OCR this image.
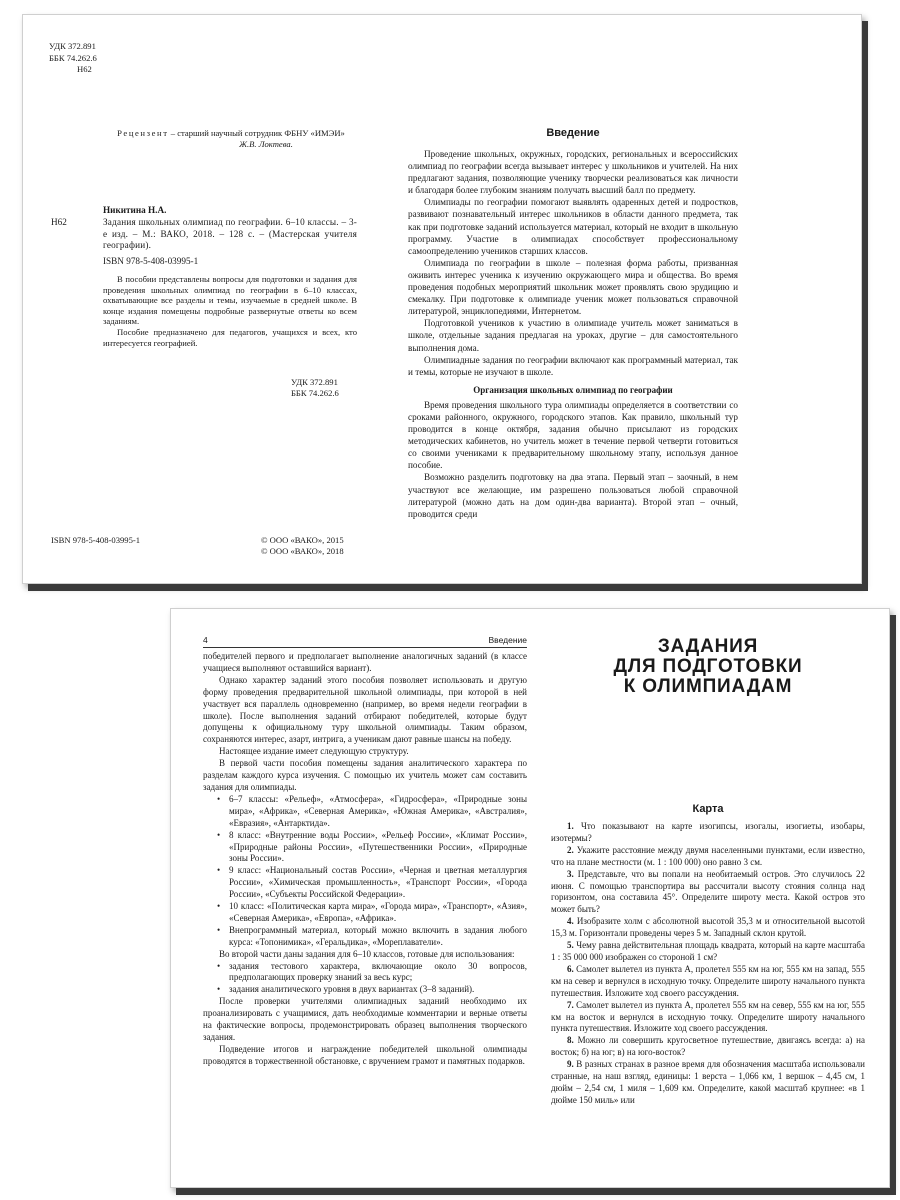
УДК 372.891
ББК 74.262.6
Н62
Рецензент – старший научный сотрудник ФБНУ «ИМЭИ»
Ж.В. Локтева.
Никитина Н.А.
Н62	Задания школьных олимпиад по географии. 6–10 классы. – 3-е изд. – М.: ВАКО, 2018. – 128 с. – (Мастерская учителя географии).

ISBN 978-5-408-03995-1

В пособии представлены вопросы для подготовки и задания для проведения школьных олимпиад по географии в 6–10 классах, охватывающие все разделы и темы, изучаемые в средней школе. В конце издания помещены подробные развернутые ответы ко всем заданиям.

Пособие предназначено для педагогов, учащихся и всех, кто интересуется географией.

УДК 372.891
ББК 74.262.6
ISBN 978-5-408-03995-1	© ООО «ВАКО», 2015
© ООО «ВАКО», 2018
Введение

Проведение школьных, окружных, городских, региональных и всероссийских олимпиад по географии всегда вызывает интерес у школьников и учителей. На них предлагают задания, позволяющие ученику творчески реализоваться как личности и благодаря более глубоким знаниям получать высший балл по предмету.

Олимпиады по географии помогают выявлять одаренных детей и подростков, развивают познавательный интерес школьников в области данного предмета, так как при подготовке заданий используется материал, который не входит в школьную программу. Участие в олимпиадах способствует профессиональному самоопределению учеников старших классов.

Олимпиада по географии в школе – полезная форма работы, призванная оживить интерес ученика к изучению окружающего мира и общества. Во время проведения подобных мероприятий школьник может проявлять свою эрудицию и смекалку. При подготовке к олимпиаде ученик может пользоваться справочной литературой, энциклопедиями, Интернетом.

Подготовкой учеников к участию в олимпиаде учитель может заниматься в школе, отдельные задания предлагая на уроках, другие – для самостоятельного выполнения дома.

Олимпиадные задания по географии включают как программный материал, так и темы, которые не изучают в школе.

Организация школьных олимпиад по географии

Время проведения школьного тура олимпиады определяется в соответствии со сроками районного, окружного, городского этапов. Как правило, школьный тур проводится в конце октября, задания обычно присылают из городских методических кабинетов, но учитель может в течение первой четверти готовиться со своими учениками к предварительному школьному этапу, используя данное пособие.

Возможно разделить подготовку на два этапа. Первый этап – заочный, в нем участвуют все желающие, им разрешено пользоваться любой справочной литературой (можно дать на дом один-два варианта). Второй этап – очный, проводится среди

4	Введение

победителей первого и предполагает выполнение аналогичных заданий (в классе учащиеся выполняют оставшийся вариант).

Однако характер заданий этого пособия позволяет использовать и другую форму проведения предварительной школьной олимпиады, при которой в ней участвует вся параллель одновременно (например, во время недели географии в школе). После выполнения заданий отбирают победителей, которые будут допущены к официальному туру школьной олимпиады. Таким образом, сохраняются интерес, азарт, интрига, а ученикам дают равные шансы на победу.

Настоящее издание имеет следующую структуру.

В первой части пособия помещены задания аналитического характера по разделам каждого курса изучения. С помощью их учитель может сам составить задания для олимпиады.

• 6–7 классы: «Рельеф», «Атмосфера», «Гидросфера», «Природные зоны мира», «Африка», «Северная Америка», «Южная Америка», «Австралия», «Евразия», «Антарктида».
• 8 класс: «Внутренние воды России», «Рельеф России», «Климат России», «Природные районы России», «Путешественники России», «Природные зоны России».
• 9 класс: «Национальный состав России», «Черная и цветная металлургия России», «Химическая промышленность», «Транспорт России», «Города России», «Субъекты Российской Федерации».
• 10 класс: «Политическая карта мира», «Города мира», «Транспорт», «Азия», «Северная Америка», «Европа», «Африка».
• Внепрограммный материал, который можно включить в задания любого курса: «Топонимика», «Геральдика», «Мореплаватели».

Во второй части даны задания для 6–10 классов, готовые для использования:

• задания тестового характера, включающие около 30 вопросов, предполагающих проверку знаний за весь курс;
• задания аналитического уровня в двух вариантах (3–8 заданий).

После проверки учителями олимпиадных заданий необходимо их проанализировать с учащимися, дать необходимые комментарии и верные ответы на фактические вопросы, продемонстрировать образец выполнения творческого задания.

Подведение итогов и награждение победителей школьной олимпиады проводятся в торжественной обстановке, с вручением грамот и памятных подарков.

ЗАДАНИЯ
ДЛЯ ПОДГОТОВКИ
К ОЛИМПИАДАМ
Карта

1. Что показывают на карте изогипсы, изогалы, изогиеты, изобары, изотермы?

2. Укажите расстояние между двумя населенными пунктами, если известно, что на плане местности (м. 1 : 100 000) оно равно 3 см.

3. Представьте, что вы попали на необитаемый остров. Это случилось 22 июня. С помощью транспортира вы рассчитали высоту стояния солнца над горизонтом, она составила 45°. Определите широту места. Какой остров это может быть?

4. Изобразите холм с абсолютной высотой 35,3 м и относительной высотой 15,3 м. Горизонтали проведены через 5 м. Западный склон крутой.

5. Чему равна действительная площадь квадрата, который на карте масштаба 1 : 35 000 000 изображен со стороной 1 см?

6. Самолет вылетел из пункта А, пролетел 555 км на юг, 555 км на запад, 555 км на север и вернулся в исходную точку. Определите широту начального пункта путешествия. Изложите ход своего рассуждения.

7. Самолет вылетел из пункта А, пролетел 555 км на север, 555 км на юг, 555 км на восток и вернулся в исходную точку. Определите широту начального пункта путешествия. Изложите ход своего рассуждения.

8. Можно ли совершить кругосветное путешествие, двигаясь всегда: а) на восток; б) на юг; в) на юго-восток?

9. В разных странах в разное время для обозначения масштаба использовали странные, на наш взгляд, единицы: 1 верста – 1,066 км, 1 вершок – 4,45 см, 1 дюйм – 2,54 см, 1 миля – 1,609 км. Определите, какой масштаб крупнее: «в 1 дюйме 150 миль» или
